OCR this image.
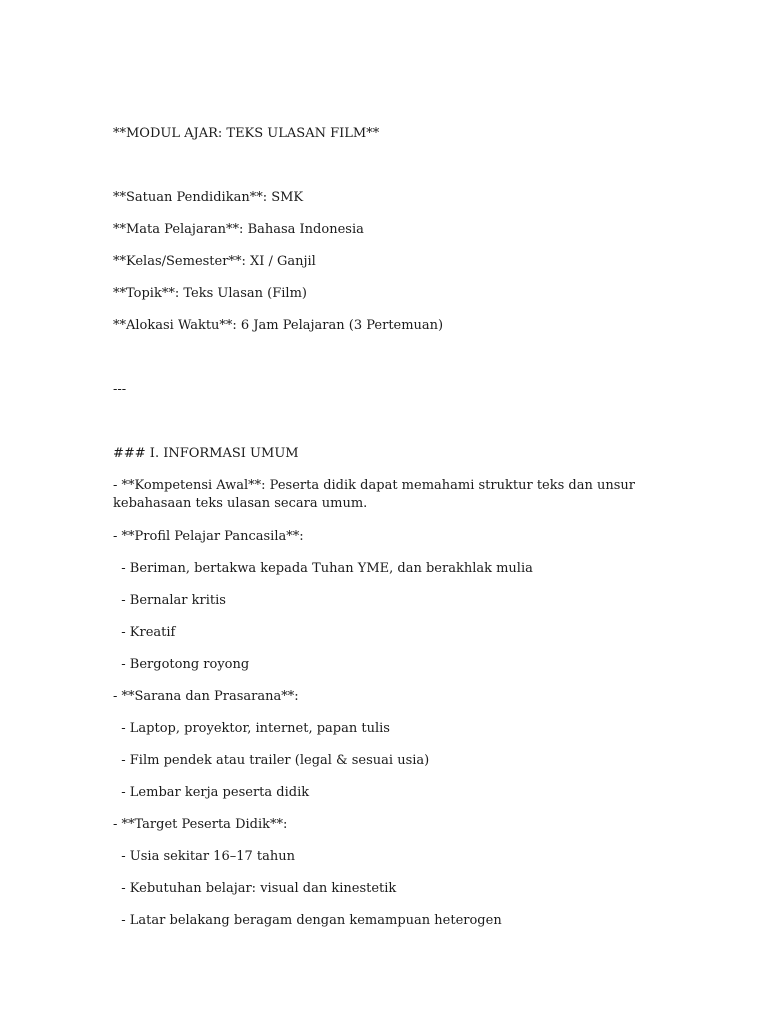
**MODUL AJAR: TEKS ULASAN FILM**
**Satuan Pendidikan**: SMK
**Mata Pelajaran**: Bahasa Indonesia
**Kelas/Semester**: XI / Ganjil
**Topik**: Teks Ulasan (Film)
**Alokasi Waktu**: 6 Jam Pelajaran (3 Pertemuan)
---
### I. INFORMASI UMUM
- **Kompetensi Awal**: Peserta didik dapat memahami struktur teks dan unsur kebahasaan teks ulasan secara umum.
- **Profil Pelajar Pancasila**:
- Beriman, bertakwa kepada Tuhan YME, dan berakhlak mulia
- Bernalar kritis
- Kreatif
- Bergotong royong
- **Sarana dan Prasarana**:
- Laptop, proyektor, internet, papan tulis
- Film pendek atau trailer (legal & sesuai usia)
- Lembar kerja peserta didik
- **Target Peserta Didik**:
- Usia sekitar 16–17 tahun
- Kebutuhan belajar: visual dan kinestetik
- Latar belakang beragam dengan kemampuan heterogen
